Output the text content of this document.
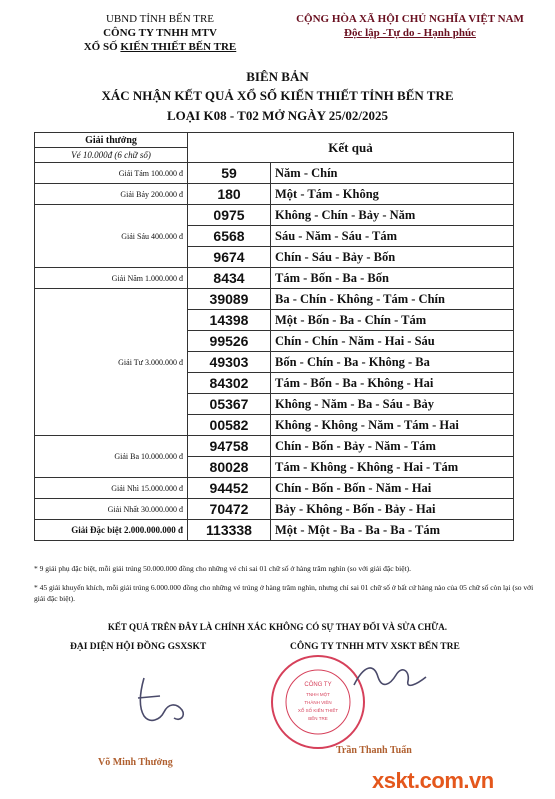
UBND TỈNH BẾN TRE
CÔNG TY TNHH MTV
XỔ SỐ KIẾN THIẾT BẾN TRE
CỘNG HÒA XÃ HỘI CHỦ NGHĨA VIỆT NAM
Độc lập -Tự do - Hạnh phúc
BIÊN BẢN
XÁC NHẬN KẾT QUẢ XỔ SỐ KIẾN THIẾT TỈNH BẾN TRE
LOẠI K08 - T02 MỞ NGÀY 25/02/2025
Giải thưởng	Kết quả	
Vé 10.000đ (6 chữ số)		
Giải Tám 100.000 đ	59	Năm - Chín
Giải Bảy 200.000 đ	180	Một - Tám - Không
Giải Sáu 400.000 đ	0975	Không - Chín - Bảy - Năm
	6568	Sáu - Năm - Sáu - Tám
	9674	Chín - Sáu - Bảy - Bốn
Giải Năm 1.000.000 đ	8434	Tám - Bốn - Ba - Bốn
Giải Tư 3.000.000 đ	39089	Ba - Chín - Không - Tám - Chín
	14398	Một - Bốn - Ba - Chín - Tám
	99526	Chín - Chín - Năm - Hai - Sáu
	49303	Bốn - Chín - Ba - Không - Ba
	84302	Tám - Bốn - Ba - Không - Hai
	05367	Không - Năm - Ba - Sáu - Bảy
	00582	Không - Không - Năm - Tám - Hai
Giải Ba 10.000.000 đ	94758	Chín - Bốn - Bảy - Năm - Tám
	80028	Tám - Không - Không - Hai - Tám
Giải Nhì 15.000.000 đ	94452	Chín - Bốn - Bốn - Năm - Hai
Giải Nhất 30.000.000 đ	70472	Bảy - Không - Bốn - Bảy - Hai
Giải Đặc biệt 2.000.000.000 đ	113338	Một - Một - Ba - Ba - Ba - Tám

* 9 giải phụ đặc biệt, mỗi giải trúng 50.000.000 đồng cho những vé chỉ sai 01 chữ số ở hàng trăm nghìn (so với giải đặc biệt).

* 45 giải khuyến khích, mỗi giải trúng 6.000.000 đồng cho những vé trúng ở hàng trăm nghìn, nhưng chỉ sai 01 chữ số ở bất cứ hàng nào của 05 chữ số còn lại (so với giải đặc biệt).

KẾT QUẢ TRÊN ĐÂY LÀ CHÍNH XÁC KHÔNG CÓ SỰ THAY ĐỔI VÀ SỬA CHỮA.
ĐẠI DIỆN HỘI ĐỒNG GSXSKT	CÔNG TY TNHH MTV XSKT BẾN TRE
CÔNG TY
TNHH MỘT
THÀNH VIÊN
XỔ SỐ KIẾN THIẾT
BẾN TRE
Võ Minh Thưởng
Trần Thanh Tuấn
xskt.com.vn
